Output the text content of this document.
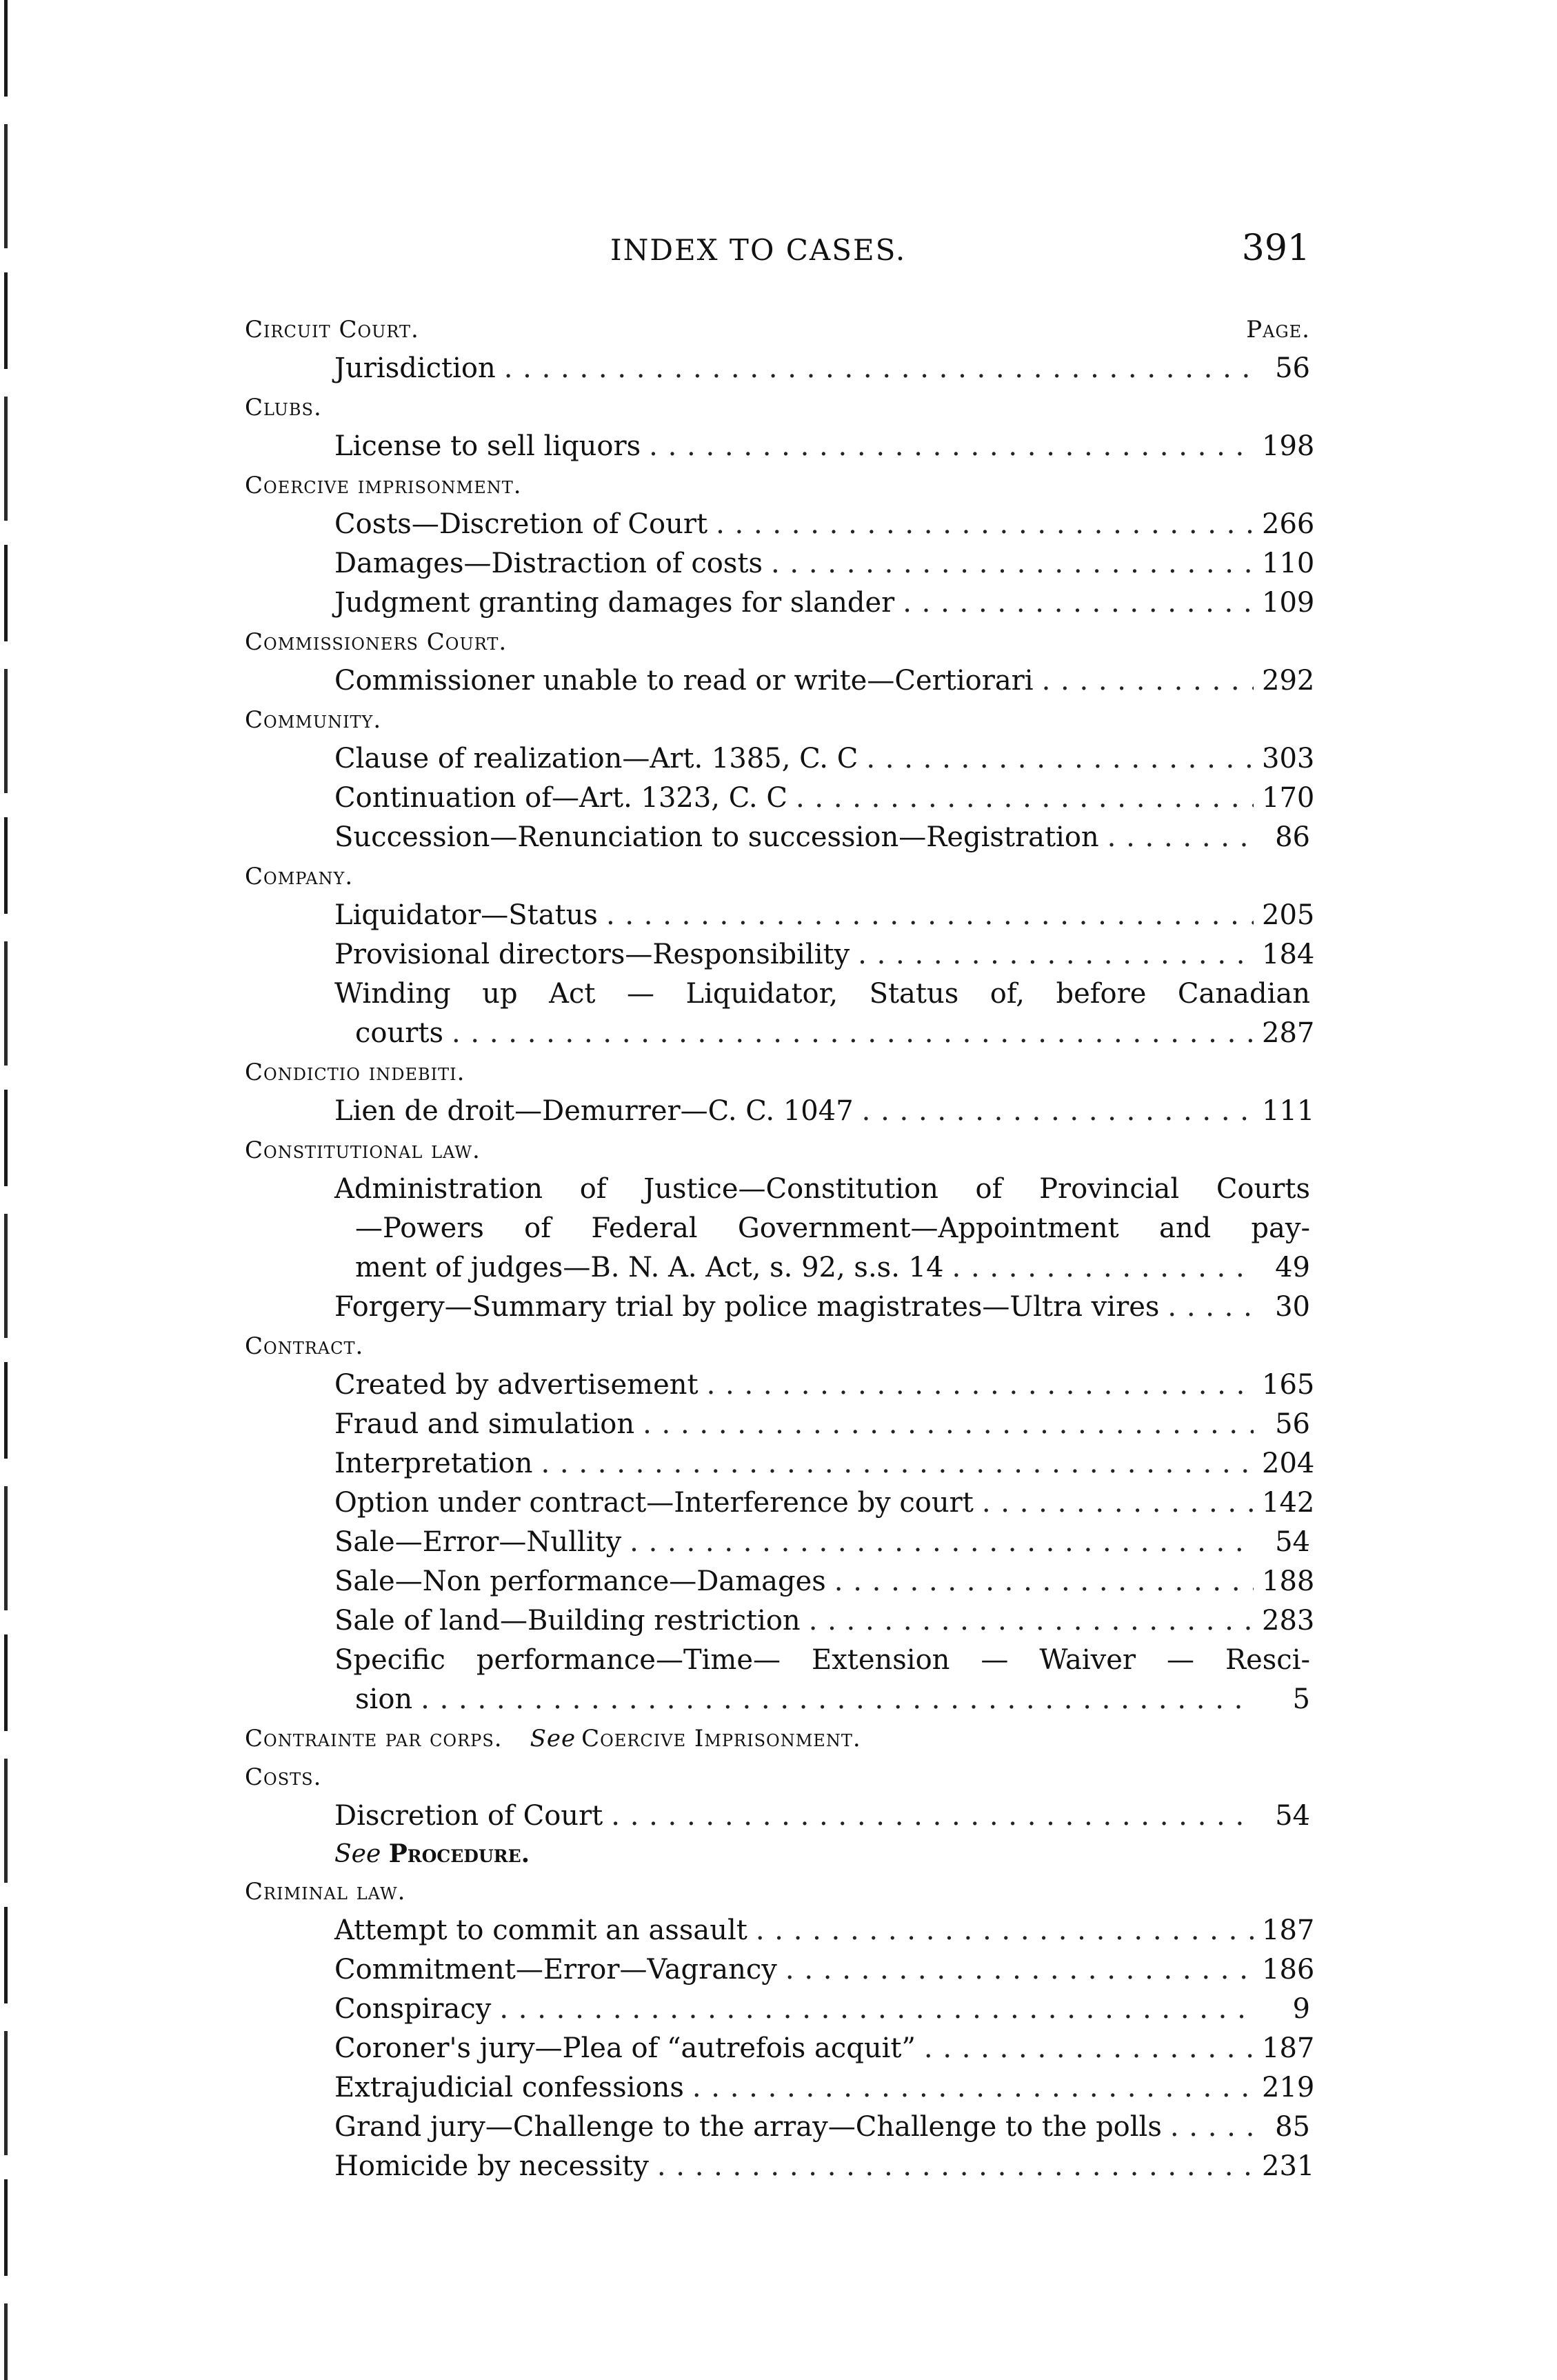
INDEX TO CASES.	391
Circuit Court.	Page.
Jurisdiction . . .	56
Clubs.
License to sell liquors . . .	198
Coercive imprisonment.
Costs—Discretion of Court . . .	266
Damages—Distraction of costs . . .	110
Judgment granting damages for slander . . .	109
Commissioners Court.
Commissioner unable to read or write—Certiorari . . .	292
Community.
Clause of realization—Art. 1385, C. C . . .	303
Continuation of—Art. 1323, C. C . . .	170
Succession—Renunciation to succession—Registration . . .	86
Company.
Liquidator—Status . . .	205
Provisional directors—Responsibility . . .	184
Winding up Act — Liquidator, Status of, before Canadian
courts . . .	287
Condictio indebiti.
Lien de droit—Demurrer—C. C. 1047 . . .	111
Constitutional law.
Administration of Justice—Constitution of Provincial Courts
—Powers of Federal Government—Appointment and pay-
ment of judges—B. N. A. Act, s. 92, s.s. 14 . . .	49
Forgery—Summary trial by police magistrates—Ultra vires . . .	30
Contract.
Created by advertisement . . .	165
Fraud and simulation . . .	56
Interpretation . . .	204
Option under contract—Interference by court . . .	142
Sale—Error—Nullity . . .	54
Sale—Non performance—Damages . . .	188
Sale of land—Building restriction . . .	283
Specific performance—Time— Extension — Waiver — Resci-
sion . . .	5
Contrainte par corps. See Coercive Imprisonment.
Costs.
Discretion of Court . . .	54
See Procedure.
Criminal law.
Attempt to commit an assault . . .	187
Commitment—Error—Vagrancy . . .	186
Conspiracy . . .	9
Coroner's jury—Plea of “autrefois acquit” . . .	187
Extrajudicial confessions . . .	219
Grand jury—Challenge to the array—Challenge to the polls . . .	85
Homicide by necessity . . .	231
